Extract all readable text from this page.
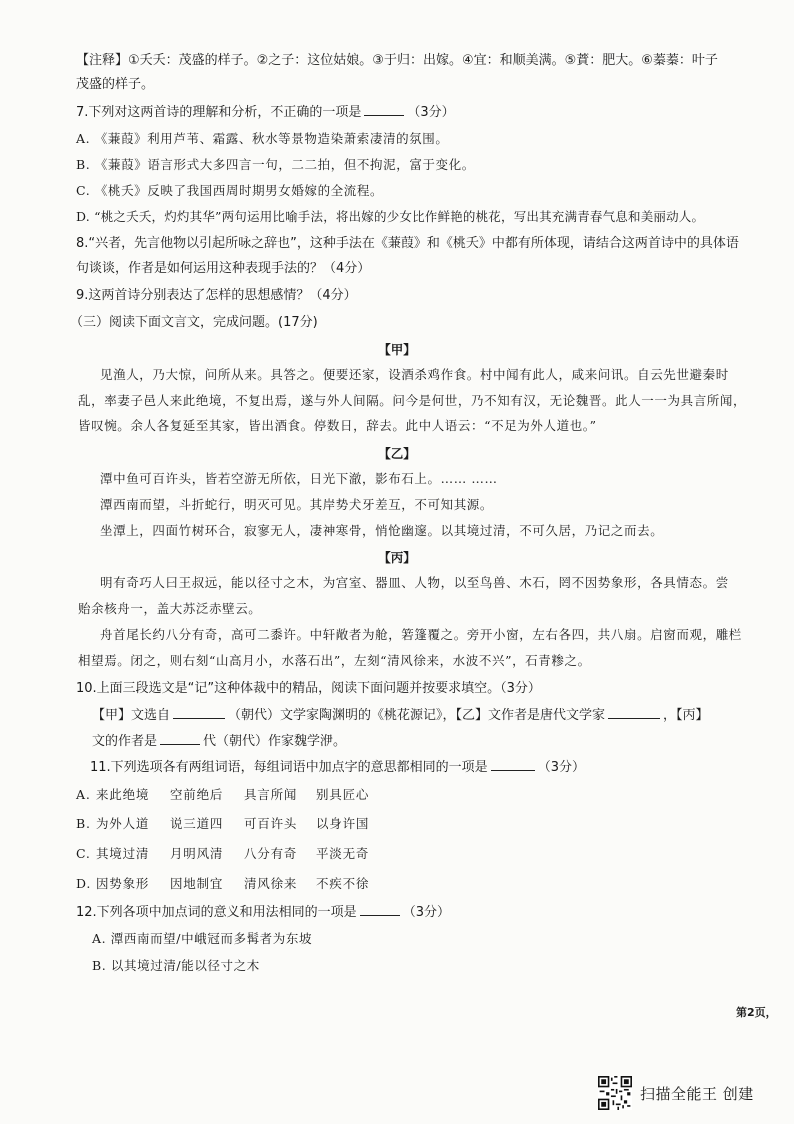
【注释】①夭夭：茂盛的样子。②之子：这位姑娘。③于归：出嫁。④宜：和顺美满。⑤蕡：肥大。⑥蓁蓁：叶子
茂盛的样子。
7.下列对这两首诗的理解和分析，不正确的一项是	（3分）
A. 《蒹葭》利用芦苇、霜露、秋水等景物造染萧索凄清的氛围。
B. 《蒹葭》语言形式大多四言一句，二二拍，但不拘泥，富于变化。
C. 《桃夭》反映了我国西周时期男女婚嫁的全流程。
D. “桃之夭夭，灼灼其华”两句运用比喻手法，将出嫁的少女比作鲜艳的桃花，写出其充满青春气息和美丽动人。
8.“兴者，先言他物以引起所咏之辞也”，这种手法在《蒹葭》和《桃夭》中都有所体现，请结合这两首诗中的具体语
句谈谈，作者是如何运用这种表现手法的？（4分）
9.这两首诗分别表达了怎样的思想感情？（4分）
（三）阅读下面文言文，完成问题。(17分)
【甲】
见渔人，乃大惊，问所从来。具答之。便要还家，设酒杀鸡作食。村中闻有此人，咸来问讯。自云先世避秦时
乱，率妻子邑人来此绝境，不复出焉，遂与外人间隔。问今是何世，乃不知有汉，无论魏晋。此人一一为具言所闻，
皆叹惋。余人各复延至其家，皆出酒食。停数日，辞去。此中人语云：“不足为外人道也。”
【乙】
潭中鱼可百许头，皆若空游无所依，日光下澈，影布石上。…… ……
潭西南而望，斗折蛇行，明灭可见。其岸势犬牙差互，不可知其源。
坐潭上，四面竹树环合，寂寥无人，凄神寒骨，悄怆幽邃。以其境过清，不可久居，乃记之而去。
【丙】
明有奇巧人曰王叔远，能以径寸之木，为宫室、器皿、人物，以至鸟兽、木石，罔不因势象形，各具情态。尝
贻余核舟一，盖大苏泛赤壁云。
舟首尾长约八分有奇，高可二黍许。中轩敞者为舱，箬篷覆之。旁开小窗，左右各四，共八扇。启窗而观，雕栏
相望焉。闭之，则右刻“山高月小，水落石出”，左刻“清风徐来，水波不兴”，石青糁之。
10.上面三段选文是“记”这种体裁中的精品，阅读下面问题并按要求填空。（3分）
【甲】文选自	（朝代）文学家陶渊明的《桃花源记》，【乙】文作者是唐代文学家	，【丙】
文的作者是	代（朝代）作家魏学洢。
11.下列选项各有两组词语，每组词语中加点字的意思都相同的一项是	（3分）
A. 来此绝境 空前绝后 具言所闻 别具匠心
B. 为外人道 说三道四 可百许头 以身许国
C. 其境过清 月明风清 八分有奇 平淡无奇
D. 因势象形 因地制宜 清风徐来 不疾不徐
12.下列各项中加点词的意义和用法相同的一项是	（3分）
A. 潭西南而望/中峨冠而多髯者为东坡
B. 以其境过清/能以径寸之木
第2页，
扫描全能王 创建
